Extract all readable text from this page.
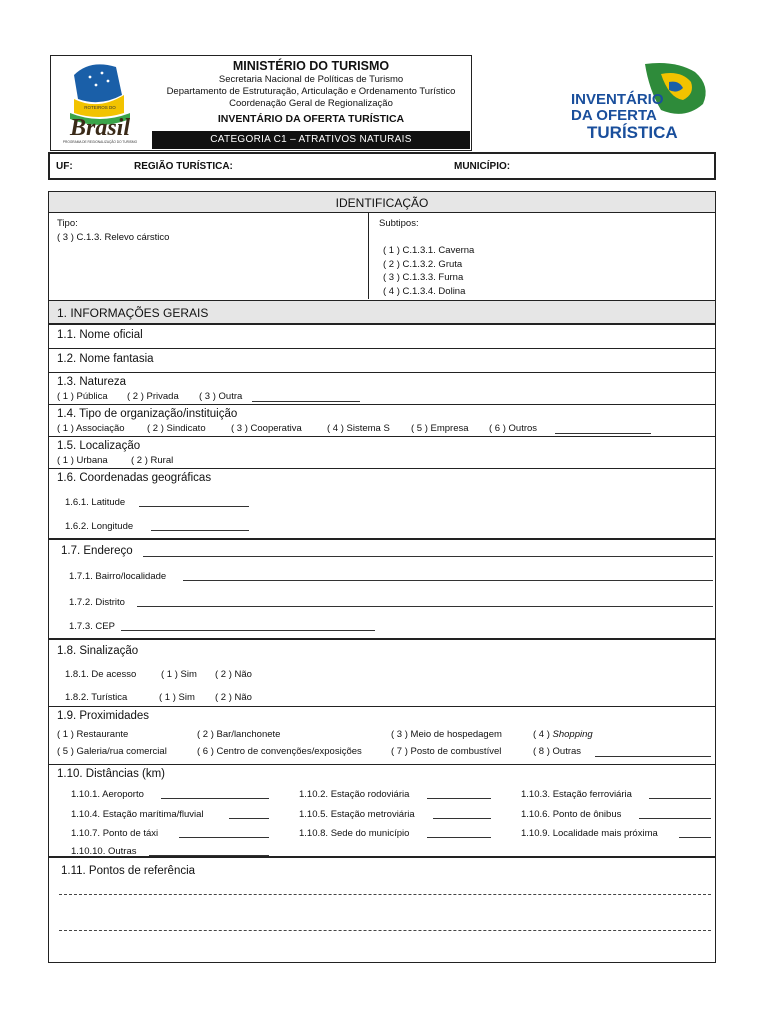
ROTEIROS DO
Brasil
PROGRAMA DE REGIONALIZAÇÃO DO TURISMO
MINISTÉRIO DO TURISMO
Secretaria Nacional de Políticas de Turismo
Departamento de Estruturação, Articulação e Ordenamento Turístico
Coordenação Geral de Regionalização
INVENTÁRIO DA OFERTA TURÍSTICA
CATEGORIA C1 – ATRATIVOS NATURAIS
INVENTÁRIO
DA OFERTA
TURÍSTICA
UF:	REGIÃO TURÍSTICA:	MUNICÍPIO:
IDENTIFICAÇÃO
Tipo:
( 3 ) C.1.3. Relevo cárstico
Subtipos:
( 1 ) C.1.3.1. Caverna
( 2 ) C.1.3.2. Gruta
( 3 ) C.1.3.3. Furna
( 4 ) C.1.3.4. Dolina
1. INFORMAÇÕES GERAIS
1.1. Nome oficial
1.2. Nome fantasia
1.3. Natureza
( 1 ) Pública ( 2 ) Privada ( 3 ) Outra
1.4. Tipo de organização/instituição
( 1 ) Associação ( 2 ) Sindicato	( 3 ) Cooperativa	( 4 ) Sistema S ( 5 ) Empresa ( 6 ) Outros
1.5. Localização
( 1 ) Urbana ( 2 ) Rural
1.6. Coordenadas geográficas
1.6.1. Latitude
1.6.2. Longitude
1.7. Endereço
1.7.1. Bairro/localidade
1.7.2. Distrito
1.7.3. CEP
1.8. Sinalização
1.8.1. De acesso	( 1 ) Sim ( 2 ) Não
1.8.2. Turística	( 1 ) Sim ( 2 ) Não
1.9. Proximidades
( 1 ) Restaurante	( 2 ) Bar/lanchonete	( 3 ) Meio de hospedagem	( 4 ) Shopping
( 5 ) Galeria/rua comercial	( 6 ) Centro de convenções/exposições	( 7 ) Posto de combustível	( 8 ) Outras
1.10. Distâncias (km)
1.10.1. Aeroporto	1.10.2. Estação rodoviária	1.10.3. Estação ferroviária
1.10.4. Estação marítima/fluvial	1.10.5. Estação metroviária	1.10.6. Ponto de ônibus
1.10.7. Ponto de táxi	1.10.8. Sede do município	1.10.9. Localidade mais próxima
1.10.10. Outras
1.11. Pontos de referência
